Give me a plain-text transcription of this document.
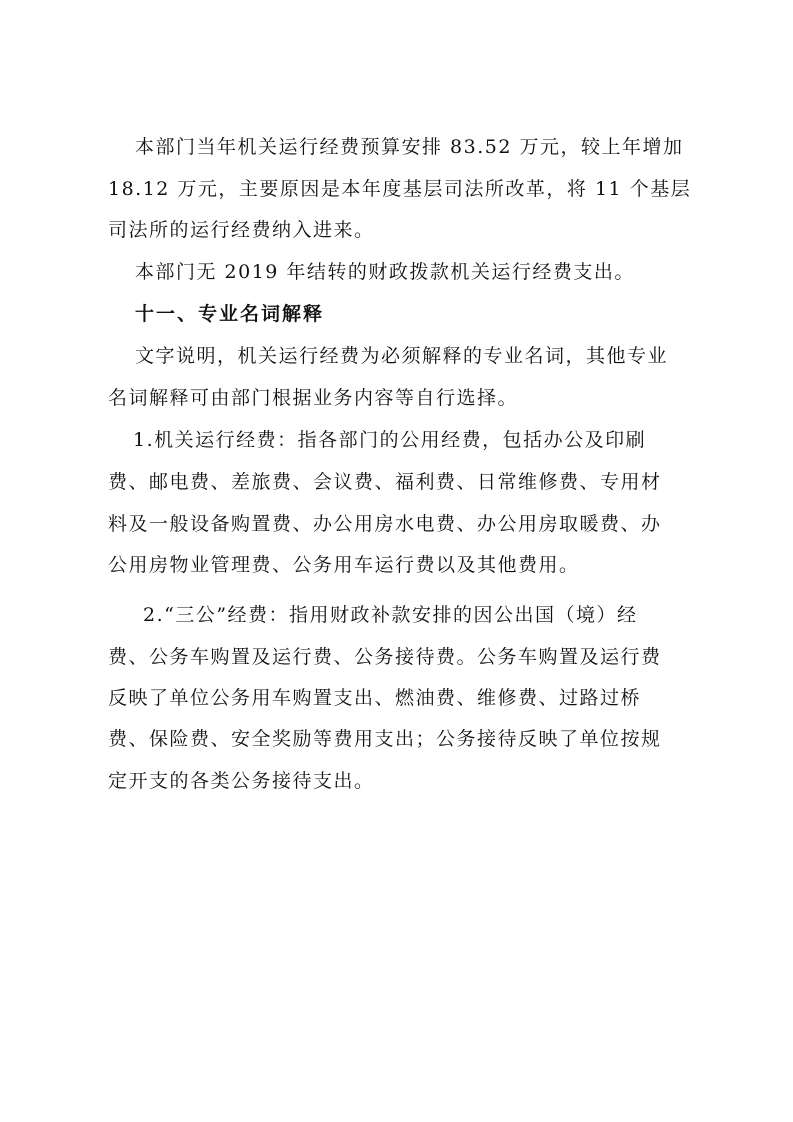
本部门当年机关运行经费预算安排 83.52 万元，较上年增加
18.12 万元，主要原因是本年度基层司法所改革，将 11 个基层
司法所的运行经费纳入进来。
本部门无 2019 年结转的财政拨款机关运行经费支出。
十一、专业名词解释
文字说明，机关运行经费为必须解释的专业名词，其他专业
名词解释可由部门根据业务内容等自行选择。
1.机关运行经费：指各部门的公用经费，包括办公及印刷
费、邮电费、差旅费、会议费、福利费、日常维修费、专用材
料及一般设备购置费、办公用房水电费、办公用房取暖费、办
公用房物业管理费、公务用车运行费以及其他费用。
2.“三公”经费：指用财政补款安排的因公出国（境）经
费、公务车购置及运行费、公务接待费。公务车购置及运行费
反映了单位公务用车购置支出、燃油费、维修费、过路过桥
费、保险费、安全奖励等费用支出；公务接待反映了单位按规
定开支的各类公务接待支出。
